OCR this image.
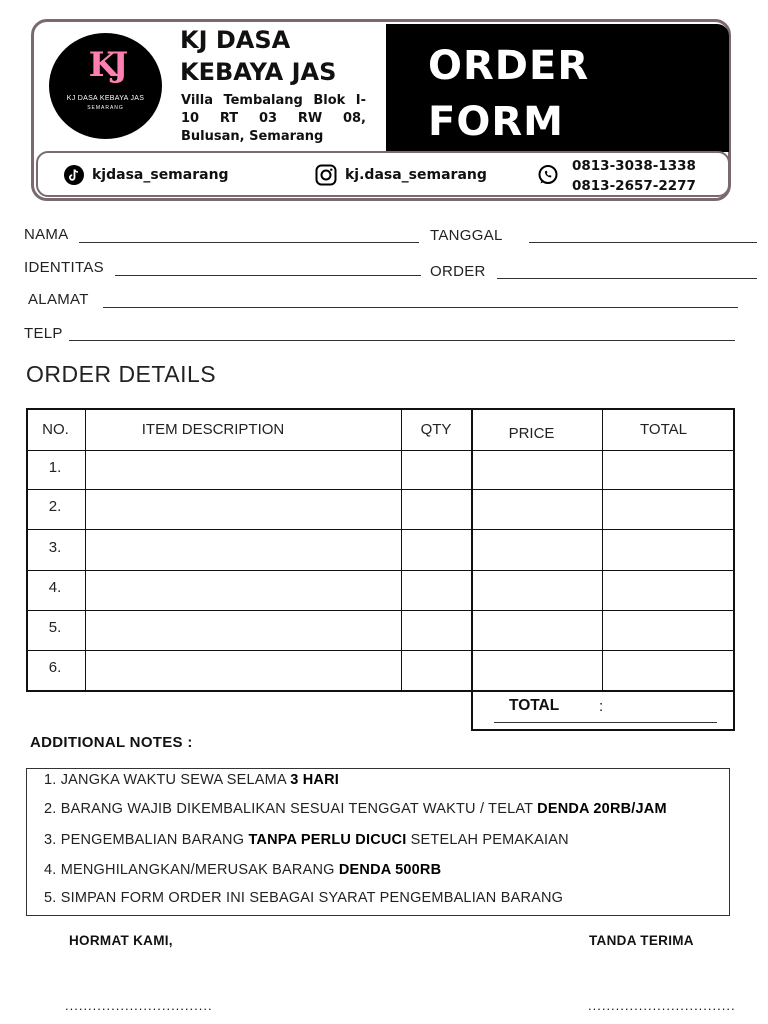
ORDER
FORM
KJ
KJ DASA KEBAYA JAS
SEMARANG
KJ DASA
KEBAYA JAS
Villa Tembalang Blok I-10 RT 03 RW 08, Bulusan, Semarang
kjdasa_semarang	kj.dasa_semarang
0813-3038-1338
0813-2657-2277
NAMA	TANGGAL
IDENTITAS	ORDER
ALAMAT
TELP
ORDER DETAILS
NO.	ITEM DESCRIPTION	QTY	PRICE	TOTAL
1.
2.
3.
4.
5.
6.
TOTAL	:
ADDITIONAL NOTES :
1. JANGKA WAKTU SEWA SELAMA 3 HARI
2. BARANG WAJIB DIKEMBALIKAN SESUAI TENGGAT WAKTU / TELAT DENDA 20RB/JAM
3. PENGEMBALIAN BARANG TANPA PERLU DICUCI SETELAH PEMAKAIAN
4. MENGHILANGKAN/MERUSAK BARANG DENDA 500RB
5. SIMPAN FORM ORDER INI SEBAGAI SYARAT PENGEMBALIAN BARANG
HORMAT KAMI,	TANDA TERIMA
................................	................................
